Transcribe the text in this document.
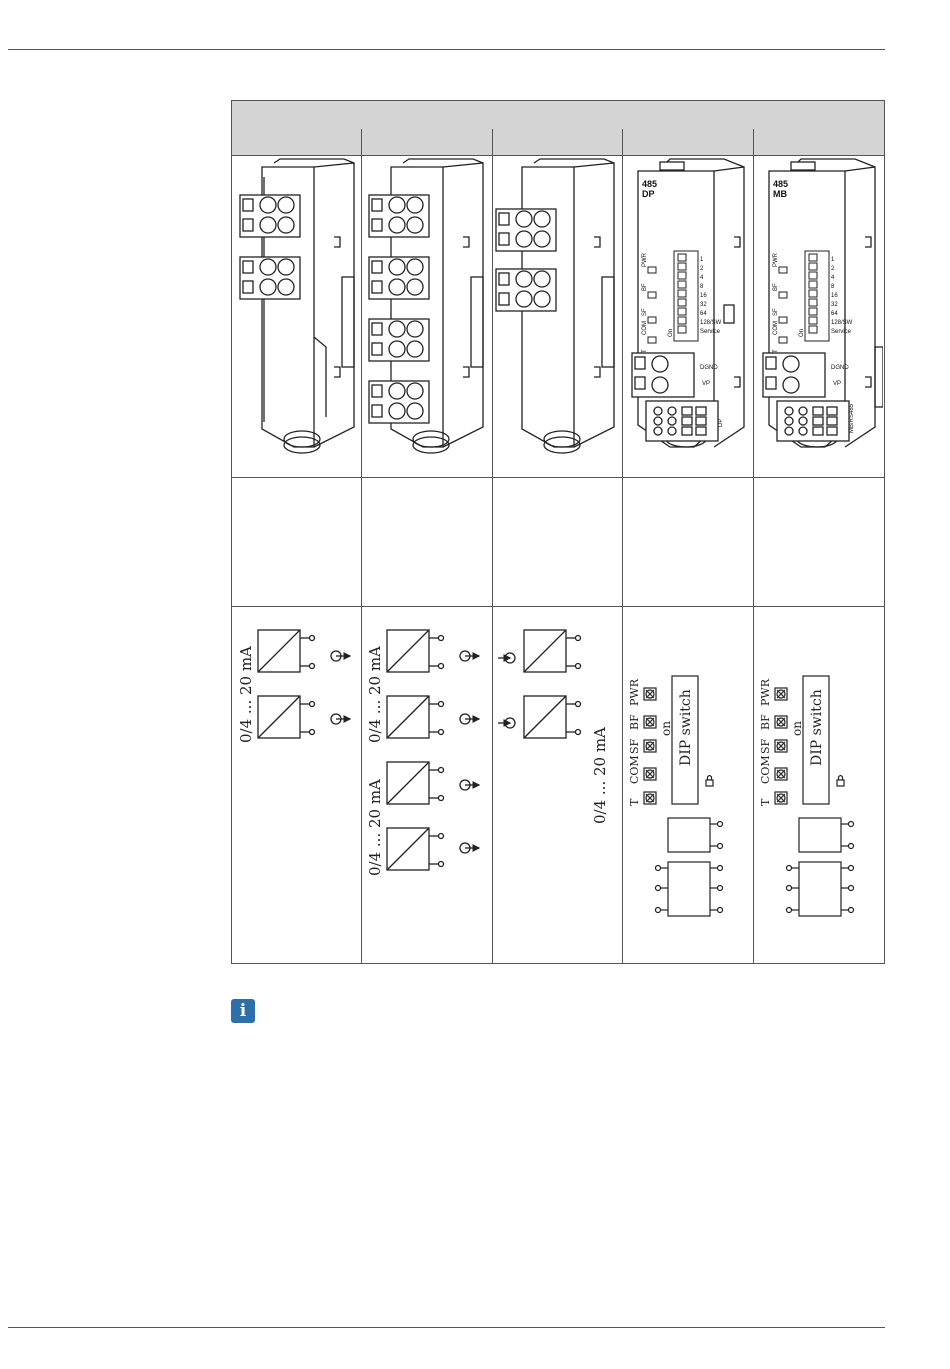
485
DP
1
2
4
8
16
32
64
128/SW
Service
On
PWR
BF
SF
COM
T
DGND
VP
DP
485
MB
1
2
4
8
16
32
64
128/SW
Service
On
PWR
BF
SF
COM
T
DGND
VP
MB/RS485
0/4 ... 20 mA	0/4 ... 20 mA
0/4 ... 20 mA
0/4 ... 20 mA T
COM
SF
BF
PWR
on DIP switch
T
COM
SF
BF
PWR
on DIP switch
i
